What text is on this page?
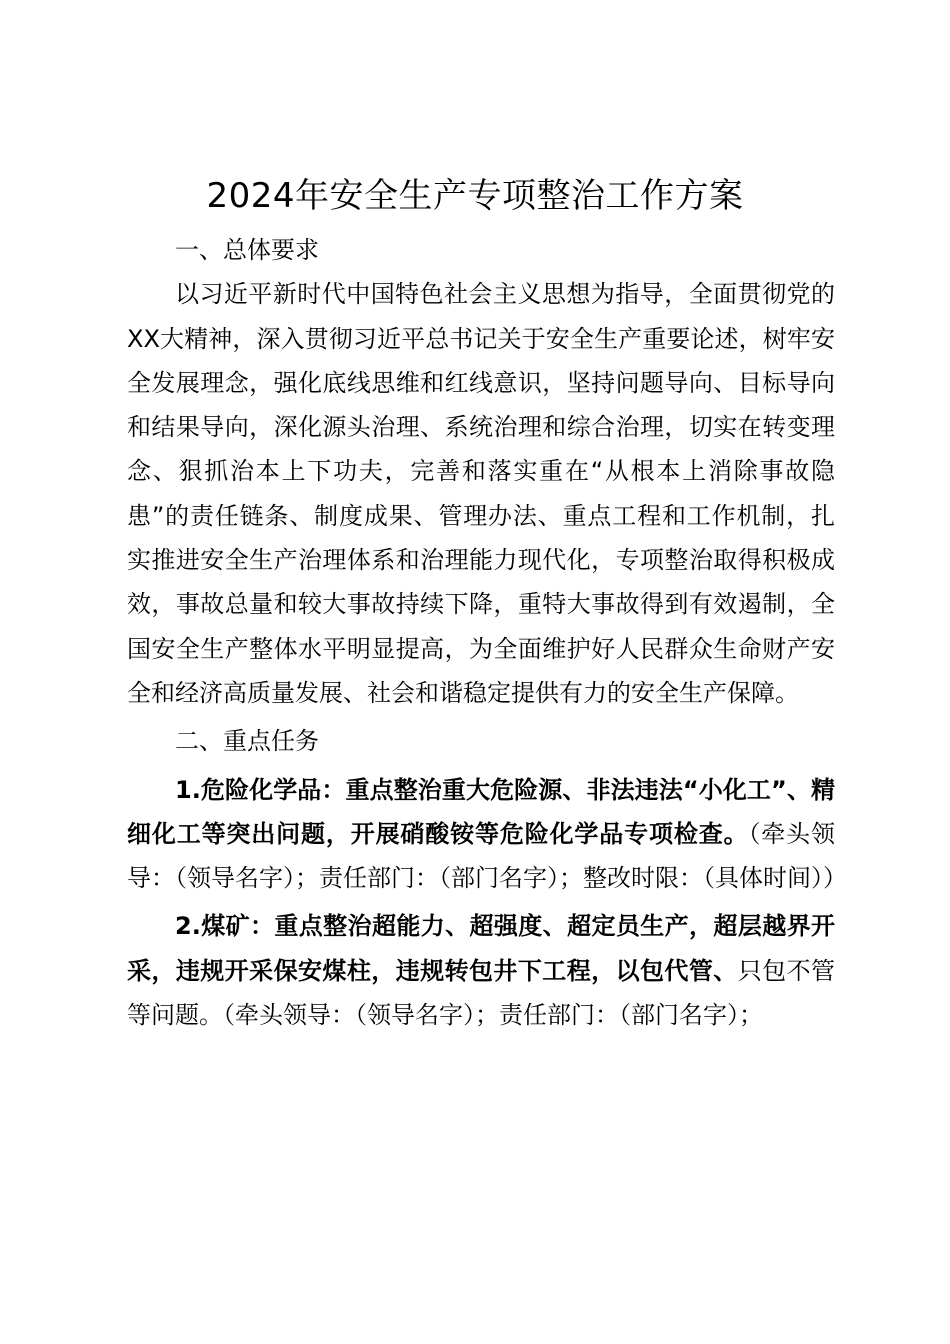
2024年安全生产专项整治工作方案

一、总体要求

以习近平新时代中国特色社会主义思想为指导，全面贯彻党的XX大精神，深入贯彻习近平总书记关于安全生产重要论述，树牢安全发展理念，强化底线思维和红线意识，坚持问题导向、目标导向和结果导向，深化源头治理、系统治理和综合治理，切实在转变理念、狠抓治本上下功夫，完善和落实重在“从根本上消除事故隐患”的责任链条、制度成果、管理办法、重点工程和工作机制，扎实推进安全生产治理体系和治理能力现代化，专项整治取得积极成效，事故总量和较大事故持续下降，重特大事故得到有效遏制，全国安全生产整体水平明显提高，为全面维护好人民群众生命财产安全和经济高质量发展、社会和谐稳定提供有力的安全生产保障。

二、重点任务

1.危险化学品：重点整治重大危险源、非法违法“小化工”、精细化工等突出问题，开展硝酸铵等危险化学品专项检查。（牵头领导：（领导名字）；责任部门：（部门名字）；整改时限：（具体时间））

2.煤矿：重点整治超能力、超强度、超定员生产，超层越界开采，违规开采保安煤柱，违规转包井下工程，以包代管、只包不管等问题。（牵头领导：（领导名字）；责任部门：（部门名字）；
